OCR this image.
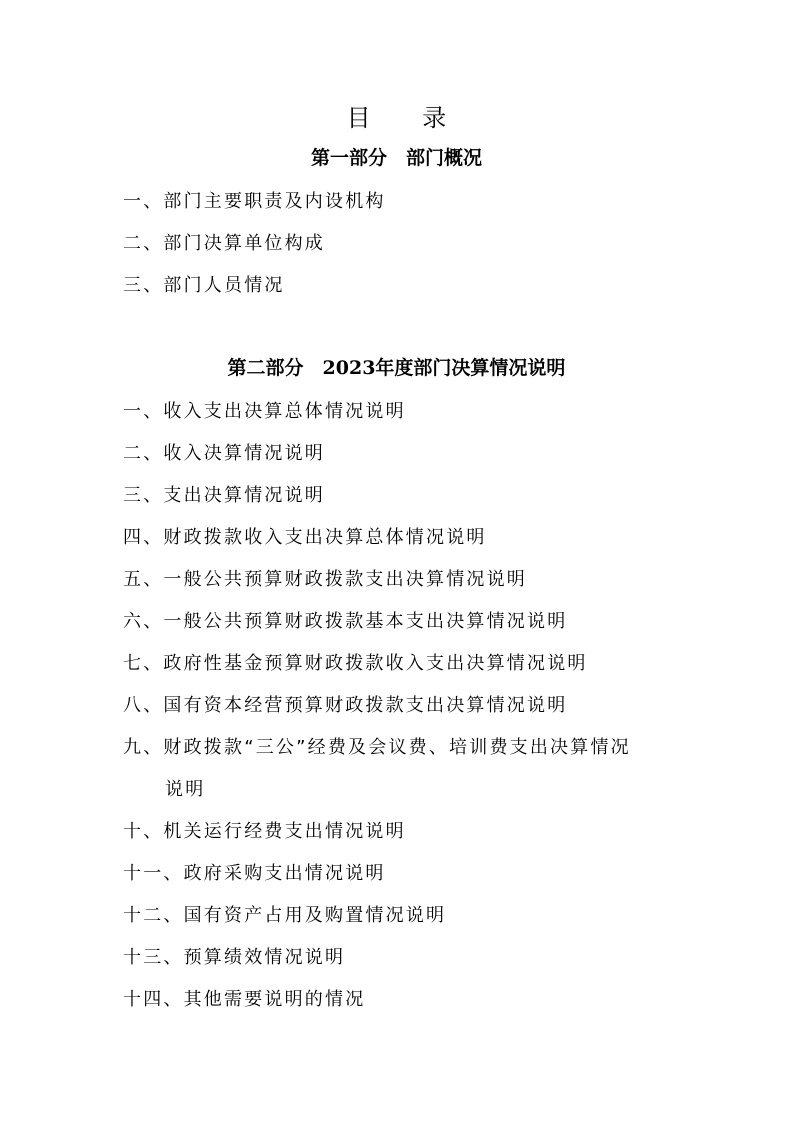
目 录
第一部分　部门概况
一、部门主要职责及内设机构
二、部门决算单位构成
三、部门人员情况
第二部分　2023年度部门决算情况说明
一、收入支出决算总体情况说明
二、收入决算情况说明
三、支出决算情况说明
四、财政拨款收入支出决算总体情况说明
五、一般公共预算财政拨款支出决算情况说明
六、一般公共预算财政拨款基本支出决算情况说明
七、政府性基金预算财政拨款收入支出决算情况说明
八、国有资本经营预算财政拨款支出决算情况说明
九、财政拨款“三公”经费及会议费、培训费支出决算情况
说明
十、机关运行经费支出情况说明
十一、政府采购支出情况说明
十二、国有资产占用及购置情况说明
十三、预算绩效情况说明
十四、其他需要说明的情况
